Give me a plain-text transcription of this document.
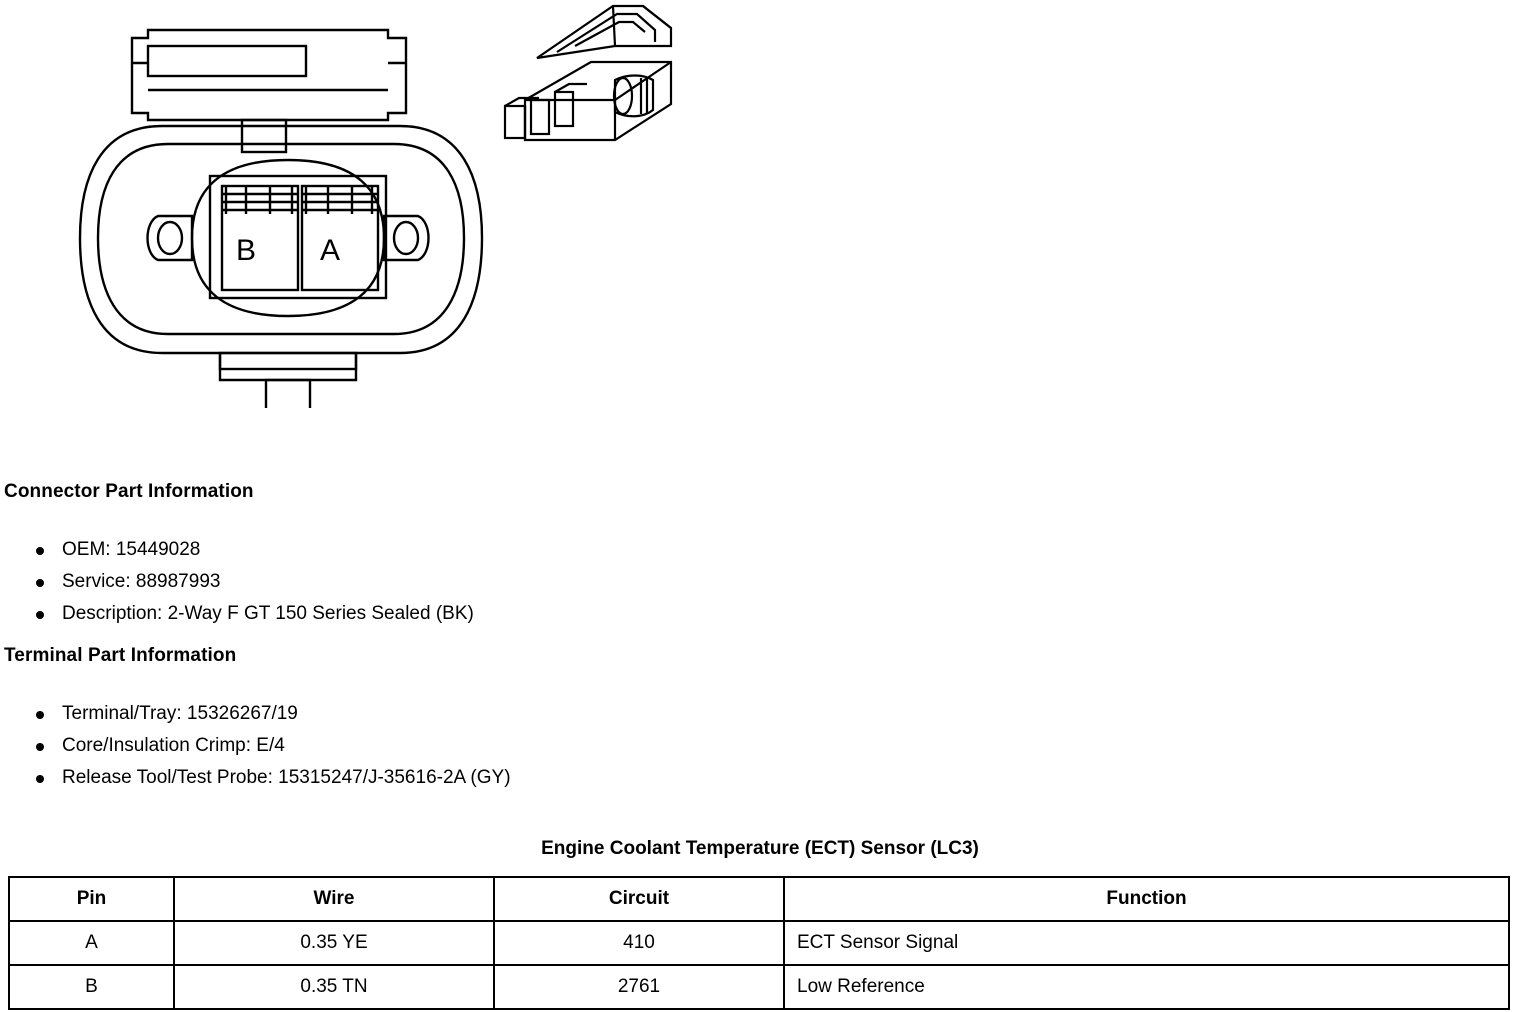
B A
Connector Part Information
OEM: 15449028
Service: 88987993
Description: 2-Way F GT 150 Series Sealed (BK)
Terminal Part Information
Terminal/Tray: 15326267/19
Core/Insulation Crimp: E/4
Release Tool/Test Probe: 15315247/J-35616-2A (GY)
Engine Coolant Temperature (ECT) Sensor (LC3)
Pin	Wire	Circuit	Function
A	0.35 YE	410	ECT Sensor Signal
B	0.35 TN	2761	Low Reference
